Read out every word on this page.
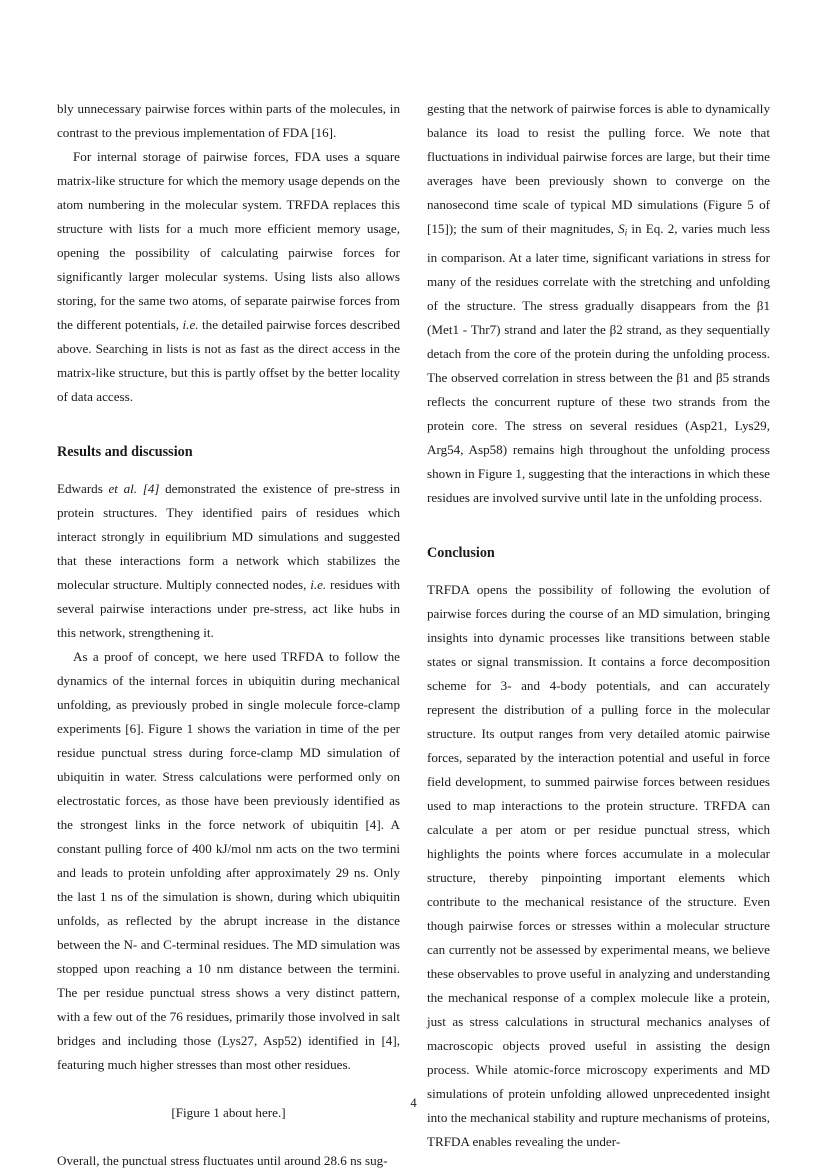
bly unnecessary pairwise forces within parts of the molecules, in contrast to the previous implementation of FDA [16].

For internal storage of pairwise forces, FDA uses a square matrix-like structure for which the memory usage depends on the atom numbering in the molecular system. TRFDA replaces this structure with lists for a much more efficient memory usage, opening the possibility of calculating pairwise forces for significantly larger molecular systems. Using lists also allows storing, for the same two atoms, of separate pairwise forces from the different potentials, i.e. the detailed pairwise forces described above. Searching in lists is not as fast as the direct access in the matrix-like structure, but this is partly offset by the better locality of data access.

Results and discussion

Edwards et al. [4] demonstrated the existence of pre-stress in protein structures. They identified pairs of residues which interact strongly in equilibrium MD simulations and suggested that these interactions form a network which stabilizes the molecular structure. Multiply connected nodes, i.e. residues with several pairwise interactions under pre-stress, act like hubs in this network, strengthening it.

As a proof of concept, we here used TRFDA to follow the dynamics of the internal forces in ubiquitin during mechanical unfolding, as previously probed in single molecule force-clamp experiments [6]. Figure 1 shows the variation in time of the per residue punctual stress during force-clamp MD simulation of ubiquitin in water. Stress calculations were performed only on electrostatic forces, as those have been previously identified as the strongest links in the force network of ubiquitin [4]. A constant pulling force of 400 kJ/mol nm acts on the two termini and leads to protein unfolding after approximately 29 ns. Only the last 1 ns of the simulation is shown, during which ubiquitin unfolds, as reflected by the abrupt increase in the distance between the N- and C-terminal residues. The MD simulation was stopped upon reaching a 10 nm distance between the termini. The per residue punctual stress shows a very distinct pattern, with a few out of the 76 residues, primarily those involved in salt bridges and including those (Lys27, Asp52) identified in [4], featuring much higher stresses than most other residues.

[Figure 1 about here.]

Overall, the punctual stress fluctuates until around 28.6 ns sug-

gesting that the network of pairwise forces is able to dynamically balance its load to resist the pulling force. We note that fluctuations in individual pairwise forces are large, but their time averages have been previously shown to converge on the nanosecond time scale of typical MD simulations (Figure 5 of [15]); the sum of their magnitudes, $S_i$ in Eq. 2, varies much less in comparison. At a later time, significant variations in stress for many of the residues correlate with the stretching and unfolding of the structure. The stress gradually disappears from the β1 (Met1 - Thr7) strand and later the β2 strand, as they sequentially detach from the core of the protein during the unfolding process. The observed correlation in stress between the β1 and β5 strands reflects the concurrent rupture of these two strands from the protein core. The stress on several residues (Asp21, Lys29, Arg54, Asp58) remains high throughout the unfolding process shown in Figure 1, suggesting that the interactions in which these residues are involved survive until late in the unfolding process.

Conclusion

TRFDA opens the possibility of following the evolution of pairwise forces during the course of an MD simulation, bringing insights into dynamic processes like transitions between stable states or signal transmission. It contains a force decomposition scheme for 3- and 4-body potentials, and can accurately represent the distribution of a pulling force in the molecular structure. Its output ranges from very detailed atomic pairwise forces, separated by the interaction potential and useful in force field development, to summed pairwise forces between residues used to map interactions to the protein structure. TRFDA can calculate a per atom or per residue punctual stress, which highlights the points where forces accumulate in a molecular structure, thereby pinpointing important elements which contribute to the mechanical resistance of the structure. Even though pairwise forces or stresses within a molecular structure can currently not be assessed by experimental means, we believe these observables to prove useful in analyzing and understanding the mechanical response of a complex molecule like a protein, just as stress calculations in structural mechanics analyses of macroscopic objects proved useful in assisting the design process. While atomic-force microscopy experiments and MD simulations of protein unfolding allowed unprecedented insight into the mechanical stability and rupture mechanisms of proteins, TRFDA enables revealing the under-

4
